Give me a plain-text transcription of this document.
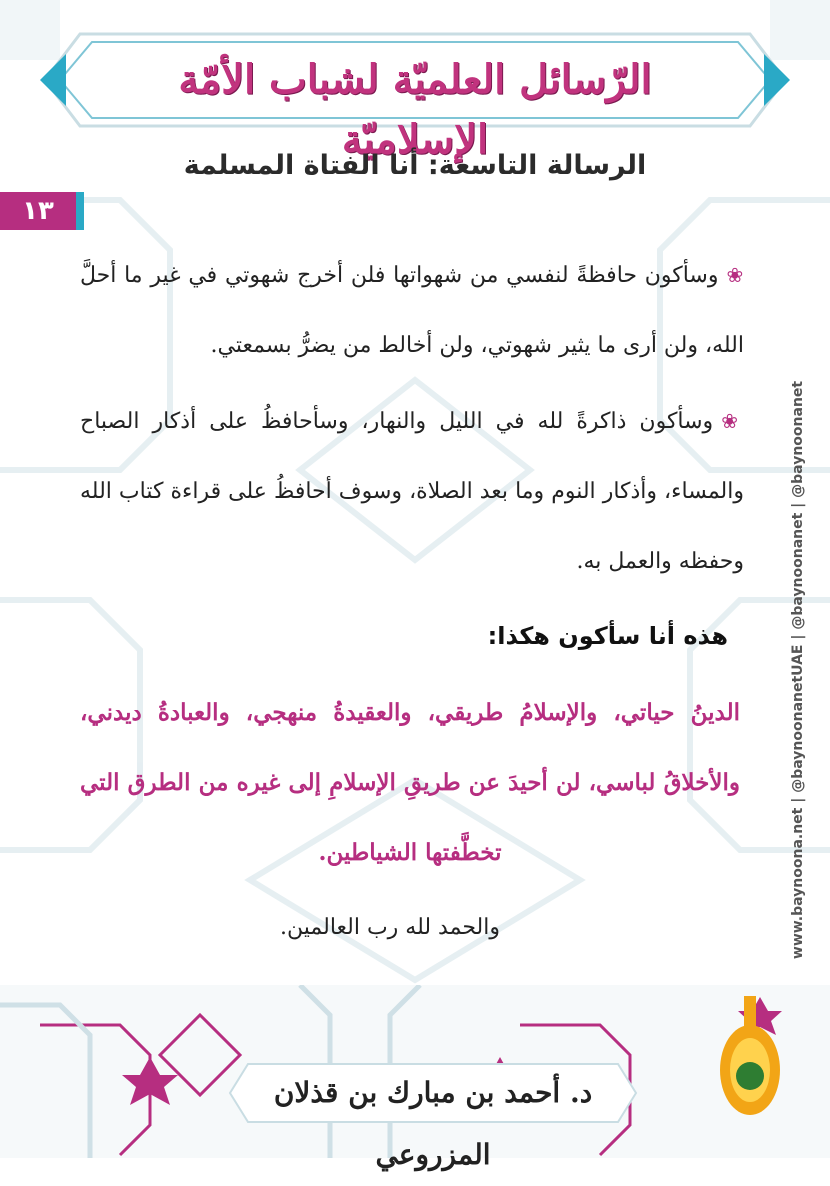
الرّسائل العلميّة لشباب الأمّة الإسلاميّة
الرسالة التاسعة: أنا الفتاة المسلمة
١٣
www.baynoona.net | @baynoonanetUAE | @baynoonanet | @baynoonanet
❀وسأكون حافظةً لنفسي من شهواتها فلن أخرج شهوتي في غير ما أحلَّ الله، ولن أرى ما يثير شهوتي، ولن أخالط من يضرُّ بسمعتي.
❀وسأكون ذاكرةً لله في الليل والنهار، وسأحافظُ على أذكار الصباح والمساء، وأذكار النوم وما بعد الصلاة، وسوف أحافظُ على قراءة كتاب الله وحفظه والعمل به.
هذه أنا سأكون هكذا:
الدينُ حياتي، والإسلامُ طريقي، والعقيدةُ منهجي، والعبادةُ ديدني، والأخلاقُ لباسي، لن أحيدَ عن طريقِ الإسلامِ إلى غيره من الطرق التي تخطَّفتها الشياطين.
والحمد لله رب العالمين.
د. أحمد بن مبارك بن قذلان المزروعي
